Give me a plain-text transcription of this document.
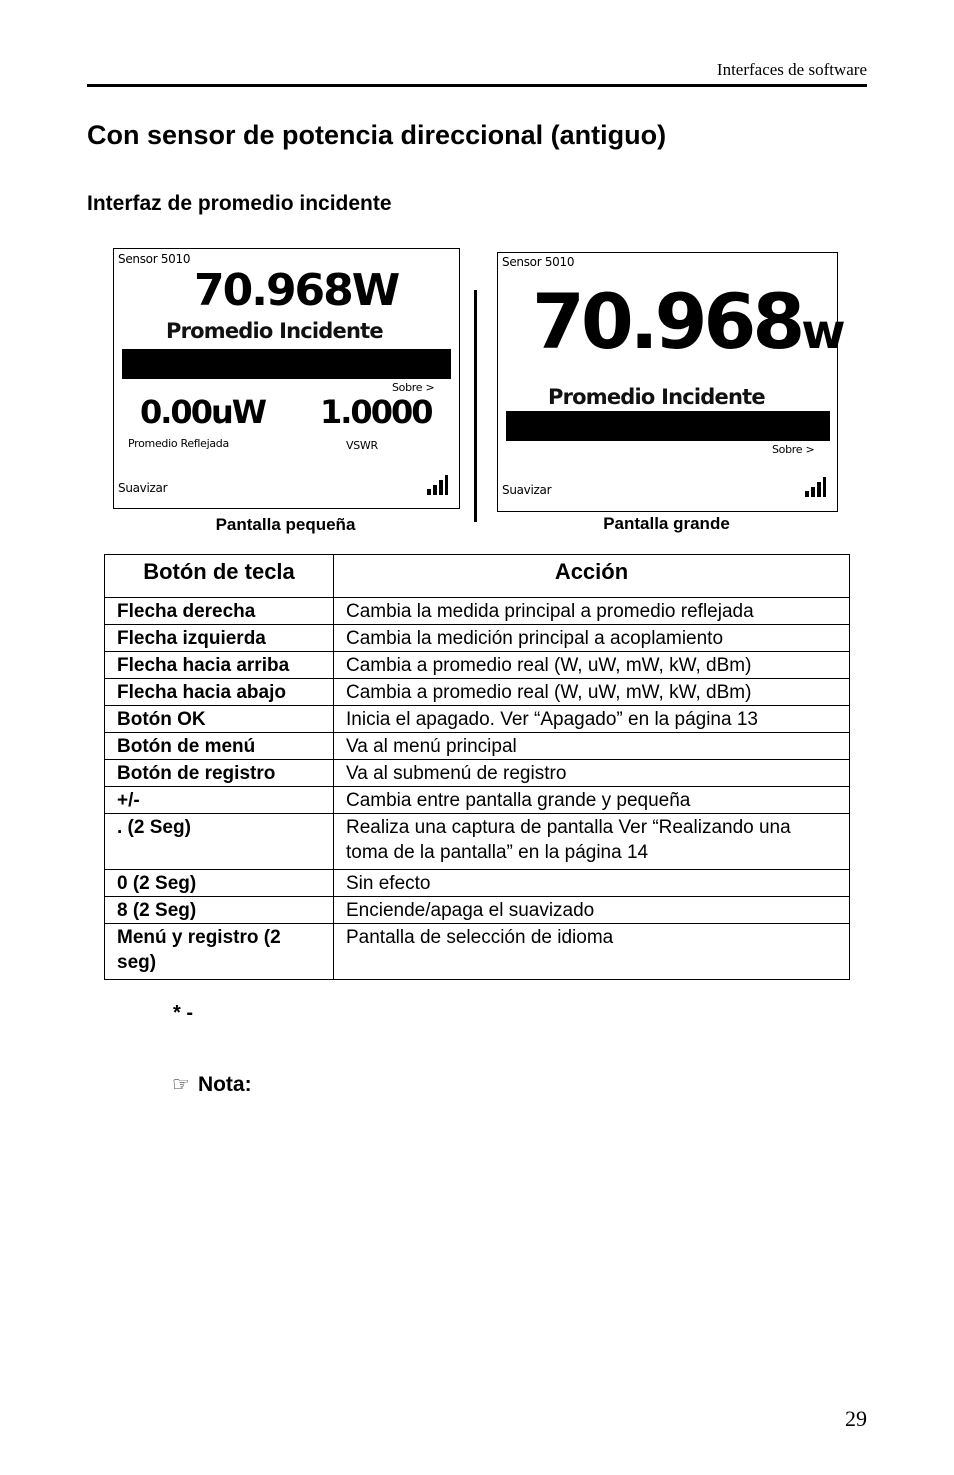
Interfaces de software
Con sensor de potencia direccional (antiguo)
Interfaz de promedio incidente
Sensor 5010
70.968W
Promedio Incidente
Sobre >
0.00uW 1.0000
Promedio Reflejada	VSWR
Suavizar
Pantalla pequeña
Sensor 5010
70.968w
Promedio Incidente
Sobre >
Suavizar
Pantalla grande
Botón de tecla	Acción
Flecha derecha	Cambia la medida principal a promedio reflejada
Flecha izquierda	Cambia la medición principal a acoplamiento
Flecha hacia arriba	Cambia a promedio real (W, uW, mW, kW, dBm)
Flecha hacia abajo	Cambia a promedio real (W, uW, mW, kW, dBm)
Botón OK	Inicia el apagado. Ver “Apagado” en la página 13
Botón de menú	Va al menú principal
Botón de registro	Va al submenú de registro
+/-	Cambia entre pantalla grande y pequeña
. (2 Seg)	Realiza una captura de pantalla Ver “Realizando una toma de la pantalla” en la página 14
0 (2 Seg)	Sin efecto
8 (2 Seg)	Enciende/apaga el suavizado
Menú y registro (2 seg)	Pantalla de selección de idioma
* -
☞ Nota:
29
